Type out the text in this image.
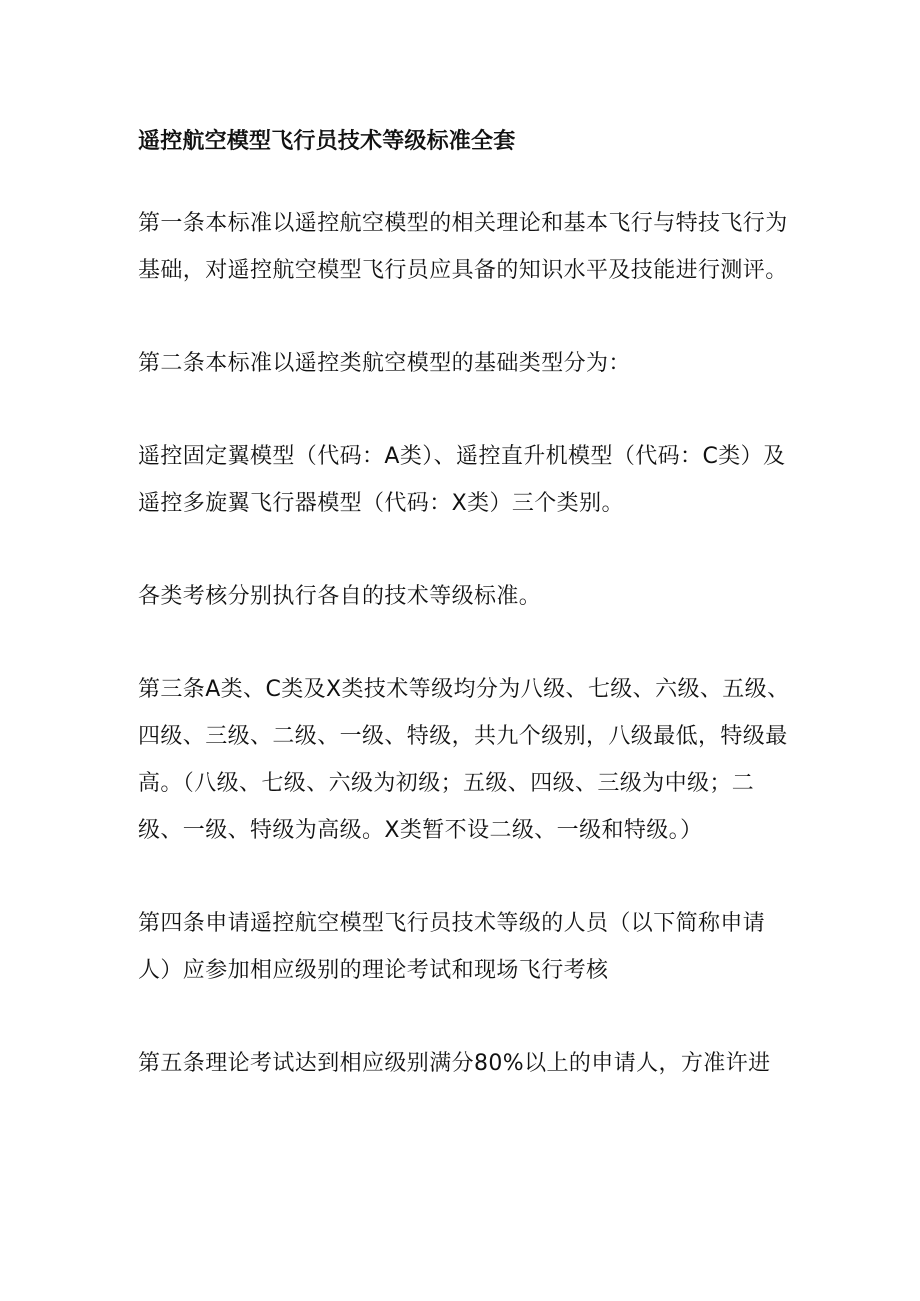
遥控航空模型飞行员技术等级标准全套

第一条本标准以遥控航空模型的相关理论和基本飞行与特技飞行为基础，对遥控航空模型飞行员应具备的知识水平及技能进行测评。

第二条本标准以遥控类航空模型的基础类型分为：

遥控固定翼模型（代码：A类）、遥控直升机模型（代码：C类）及遥控多旋翼飞行器模型（代码：X类）三个类别。

各类考核分别执行各自的技术等级标准。

第三条A类、C类及X类技术等级均分为八级、七级、六级、五级、四级、三级、二级、一级、特级，共九个级别，八级最低，特级最高。（八级、七级、六级为初级；五级、四级、三级为中级；二级、一级、特级为高级。X类暂不设二级、一级和特级。）

第四条申请遥控航空模型飞行员技术等级的人员（以下简称申请人）应参加相应级别的理论考试和现场飞行考核

第五条理论考试达到相应级别满分80%以上的申请人，方准许进
